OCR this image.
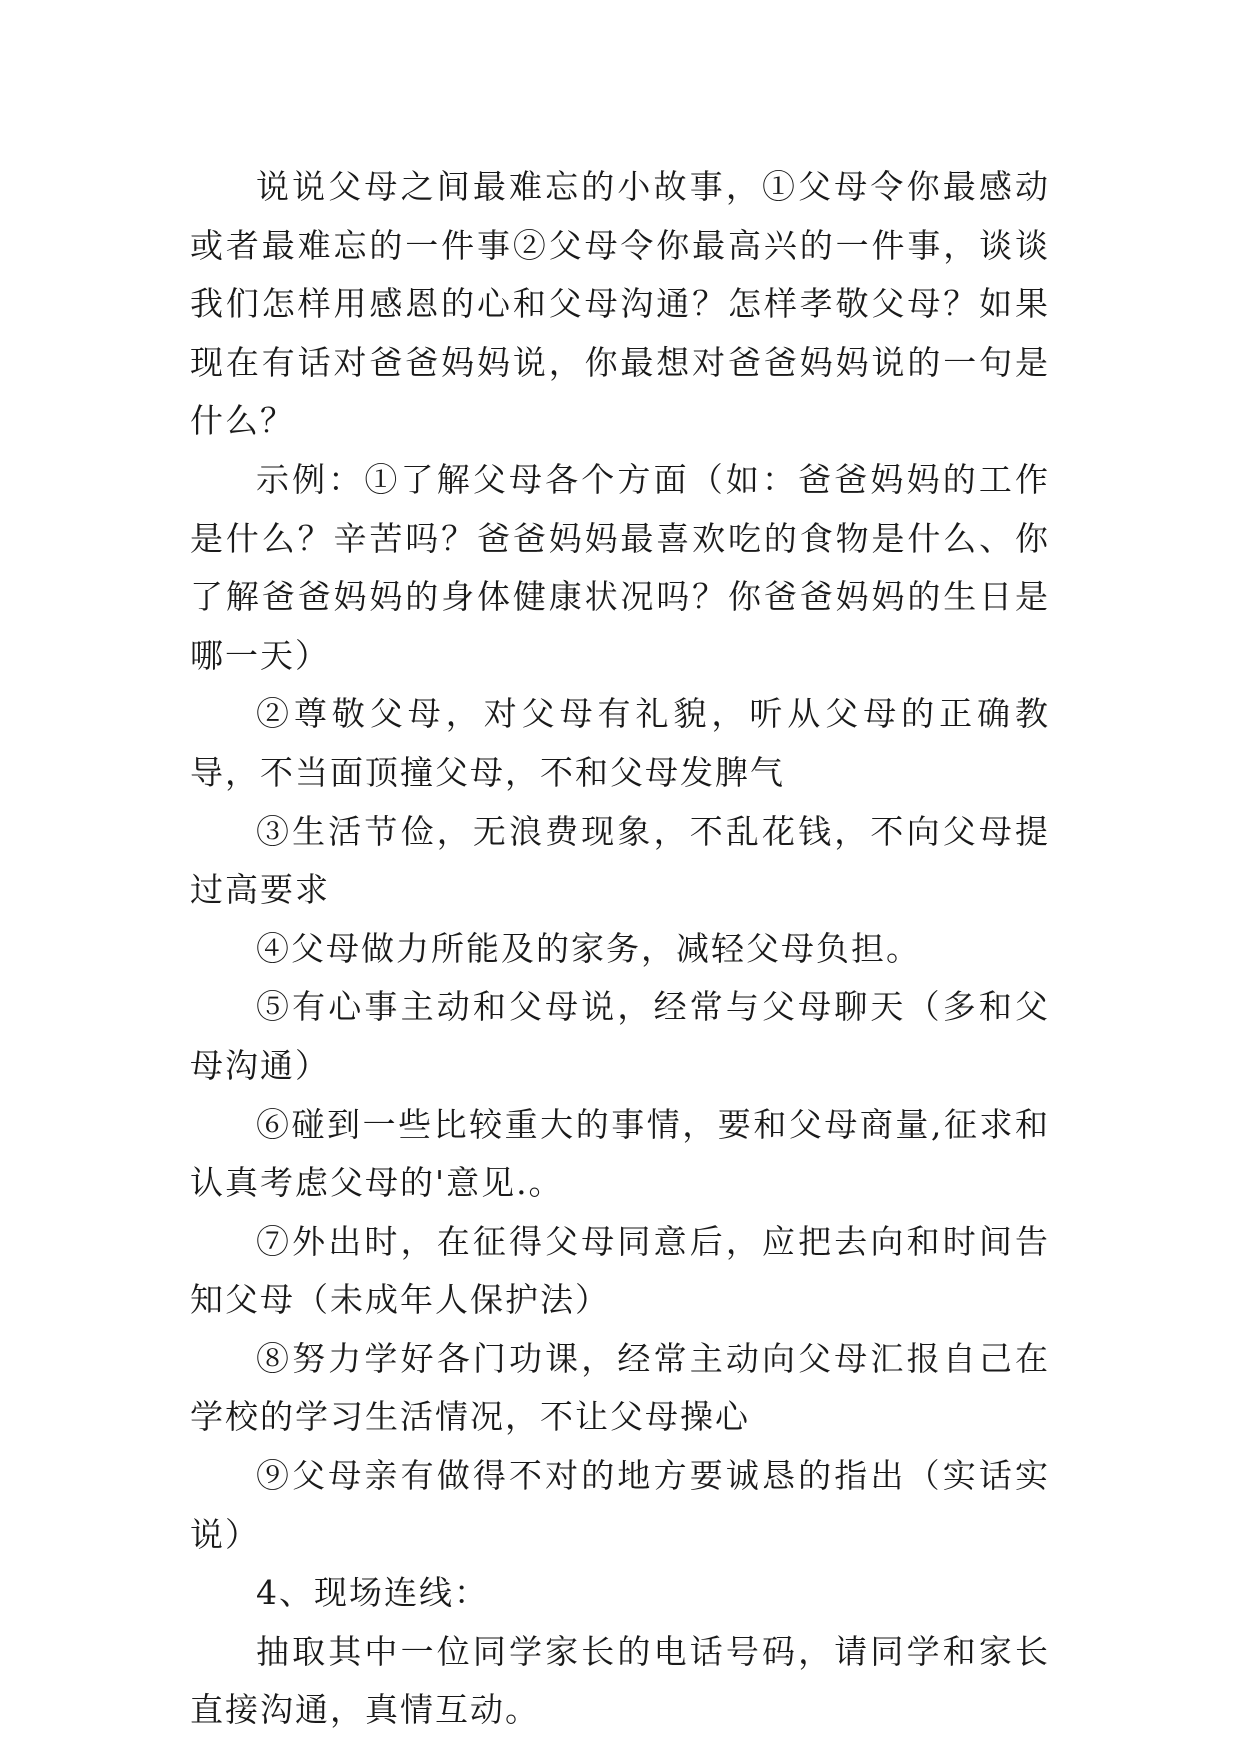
说说父母之间最难忘的小故事，①父母令你最感动或者最难忘的一件事②父母令你最高兴的一件事，谈谈我们怎样用感恩的心和父母沟通？怎样孝敬父母？如果现在有话对爸爸妈妈说，你最想对爸爸妈妈说的一句是什么？

示例：①了解父母各个方面（如：爸爸妈妈的工作是什么？辛苦吗？爸爸妈妈最喜欢吃的食物是什么、你了解爸爸妈妈的身体健康状况吗？你爸爸妈妈的生日是哪一天）

②尊敬父母，对父母有礼貌，听从父母的正确教导，不当面顶撞父母，不和父母发脾气

③生活节俭，无浪费现象，不乱花钱，不向父母提过高要求

④父母做力所能及的家务，减轻父母负担。

⑤有心事主动和父母说，经常与父母聊天（多和父母沟通）

⑥碰到一些比较重大的事情，要和父母商量,征求和认真考虑父母的'意见.。

⑦外出时，在征得父母同意后，应把去向和时间告知父母（未成年人保护法）

⑧努力学好各门功课，经常主动向父母汇报自己在学校的学习生活情况，不让父母操心

⑨父母亲有做得不对的地方要诚恳的指出（实话实说）

4、现场连线：

抽取其中一位同学家长的电话号码，请同学和家长直接沟通，真情互动。
